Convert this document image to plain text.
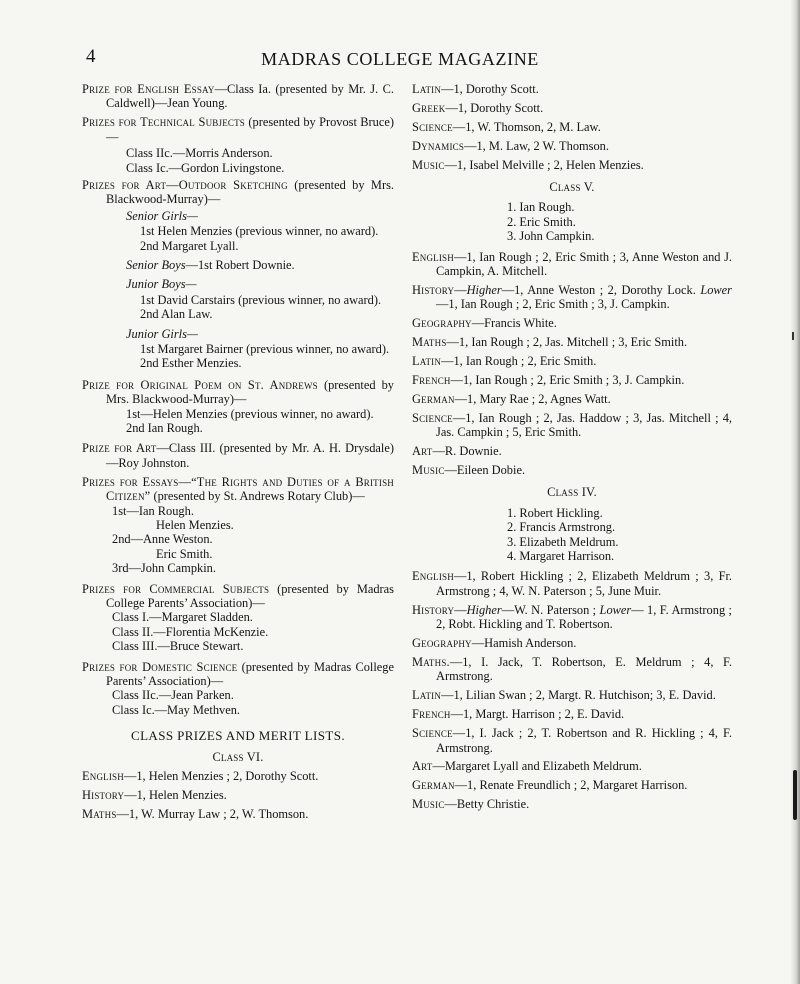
4	MADRAS COLLEGE MAGAZINE

Prize for English Essay—Class Ia. (presented by Mr. J. C. Caldwell)—Jean Young.

Prizes for Technical Subjects (presented by Provost Bruce)—

Class IIc.—Morris Anderson.

Class Ic.—Gordon Livingstone.

Prizes for Art—Outdoor Sketching (presented by Mrs. Blackwood-Murray)—

Senior Girls—

1st Helen Menzies (previous winner, no award).

2nd Margaret Lyall.

Senior Boys—1st Robert Downie.

Junior Boys—

1st David Carstairs (previous winner, no award).

2nd Alan Law.

Junior Girls—

1st Margaret Bairner (previous winner, no award).

2nd Esther Menzies.

Prize for Original Poem on St. Andrews (presented by Mrs. Blackwood-Murray)—

1st—Helen Menzies (previous winner, no award).

2nd Ian Rough.

Prize for Art—Class III. (presented by Mr. A. H. Drysdale)—Roy Johnston.

Prizes for Essays—“The Rights and Duties of a British Citizen” (presented by St. Andrews Rotary Club)—

1st—Ian Rough.

Helen Menzies.

2nd—Anne Weston.

Eric Smith.

3rd—John Campkin.

Prizes for Commercial Subjects (presented by Madras College Parents’ Association)—

Class I.—Margaret Sladden.

Class II.—Florentia McKenzie.

Class III.—Bruce Stewart.

Prizes for Domestic Science (presented by Madras College Parents’ Association)—

Class IIc.—Jean Parken.

Class Ic.—May Methven.

CLASS PRIZES AND MERIT LISTS.

Class VI.

English—1, Helen Menzies ; 2, Dorothy Scott.

History—1, Helen Menzies.

Maths—1, W. Murray Law ; 2, W. Thomson.

Latin—1, Dorothy Scott.

Greek—1, Dorothy Scott.

Science—1, W. Thomson, 2, M. Law.

Dynamics—1, M. Law, 2 W. Thomson.

Music—1, Isabel Melville ; 2, Helen Menzies.

Class V.

1. Ian Rough.
2. Eric Smith.
3. John Campkin.

English—1, Ian Rough ; 2, Eric Smith ; 3, Anne Weston and J. Campkin, A. Mitchell.

History—Higher—1, Anne Weston ; 2, Dorothy Lock. Lower—1, Ian Rough ; 2, Eric Smith ; 3, J. Campkin.

Geography—Francis White.

Maths—1, Ian Rough ; 2, Jas. Mitchell ; 3, Eric Smith.

Latin—1, Ian Rough ; 2, Eric Smith.

French—1, Ian Rough ; 2, Eric Smith ; 3, J. Campkin.

German—1, Mary Rae ; 2, Agnes Watt.

Science—1, Ian Rough ; 2, Jas. Haddow ; 3, Jas. Mitchell ; 4, Jas. Campkin ; 5, Eric Smith.

Art—R. Downie.

Music—Eileen Dobie.

Class IV.

1. Robert Hickling.
2. Francis Armstrong.
3. Elizabeth Meldrum.
4. Margaret Harrison.

English—1, Robert Hickling ; 2, Elizabeth Meldrum ; 3, Fr. Armstrong ; 4, W. N. Paterson ; 5, June Muir.

History—Higher—W. N. Paterson ; Lower— 1, F. Armstrong ; 2, Robt. Hickling and T. Robertson.

Geography—Hamish Anderson.

Maths.—1, I. Jack, T. Robertson, E. Meldrum ; 4, F. Armstrong.

Latin—1, Lilian Swan ; 2, Margt. R. Hutchison; 3, E. David.

French—1, Margt. Harrison ; 2, E. David.

Science—1, I. Jack ; 2, T. Robertson and R. Hickling ; 4, F. Armstrong.

Art—Margaret Lyall and Elizabeth Meldrum.

German—1, Renate Freundlich ; 2, Margaret Harrison.

Music—Betty Christie.
